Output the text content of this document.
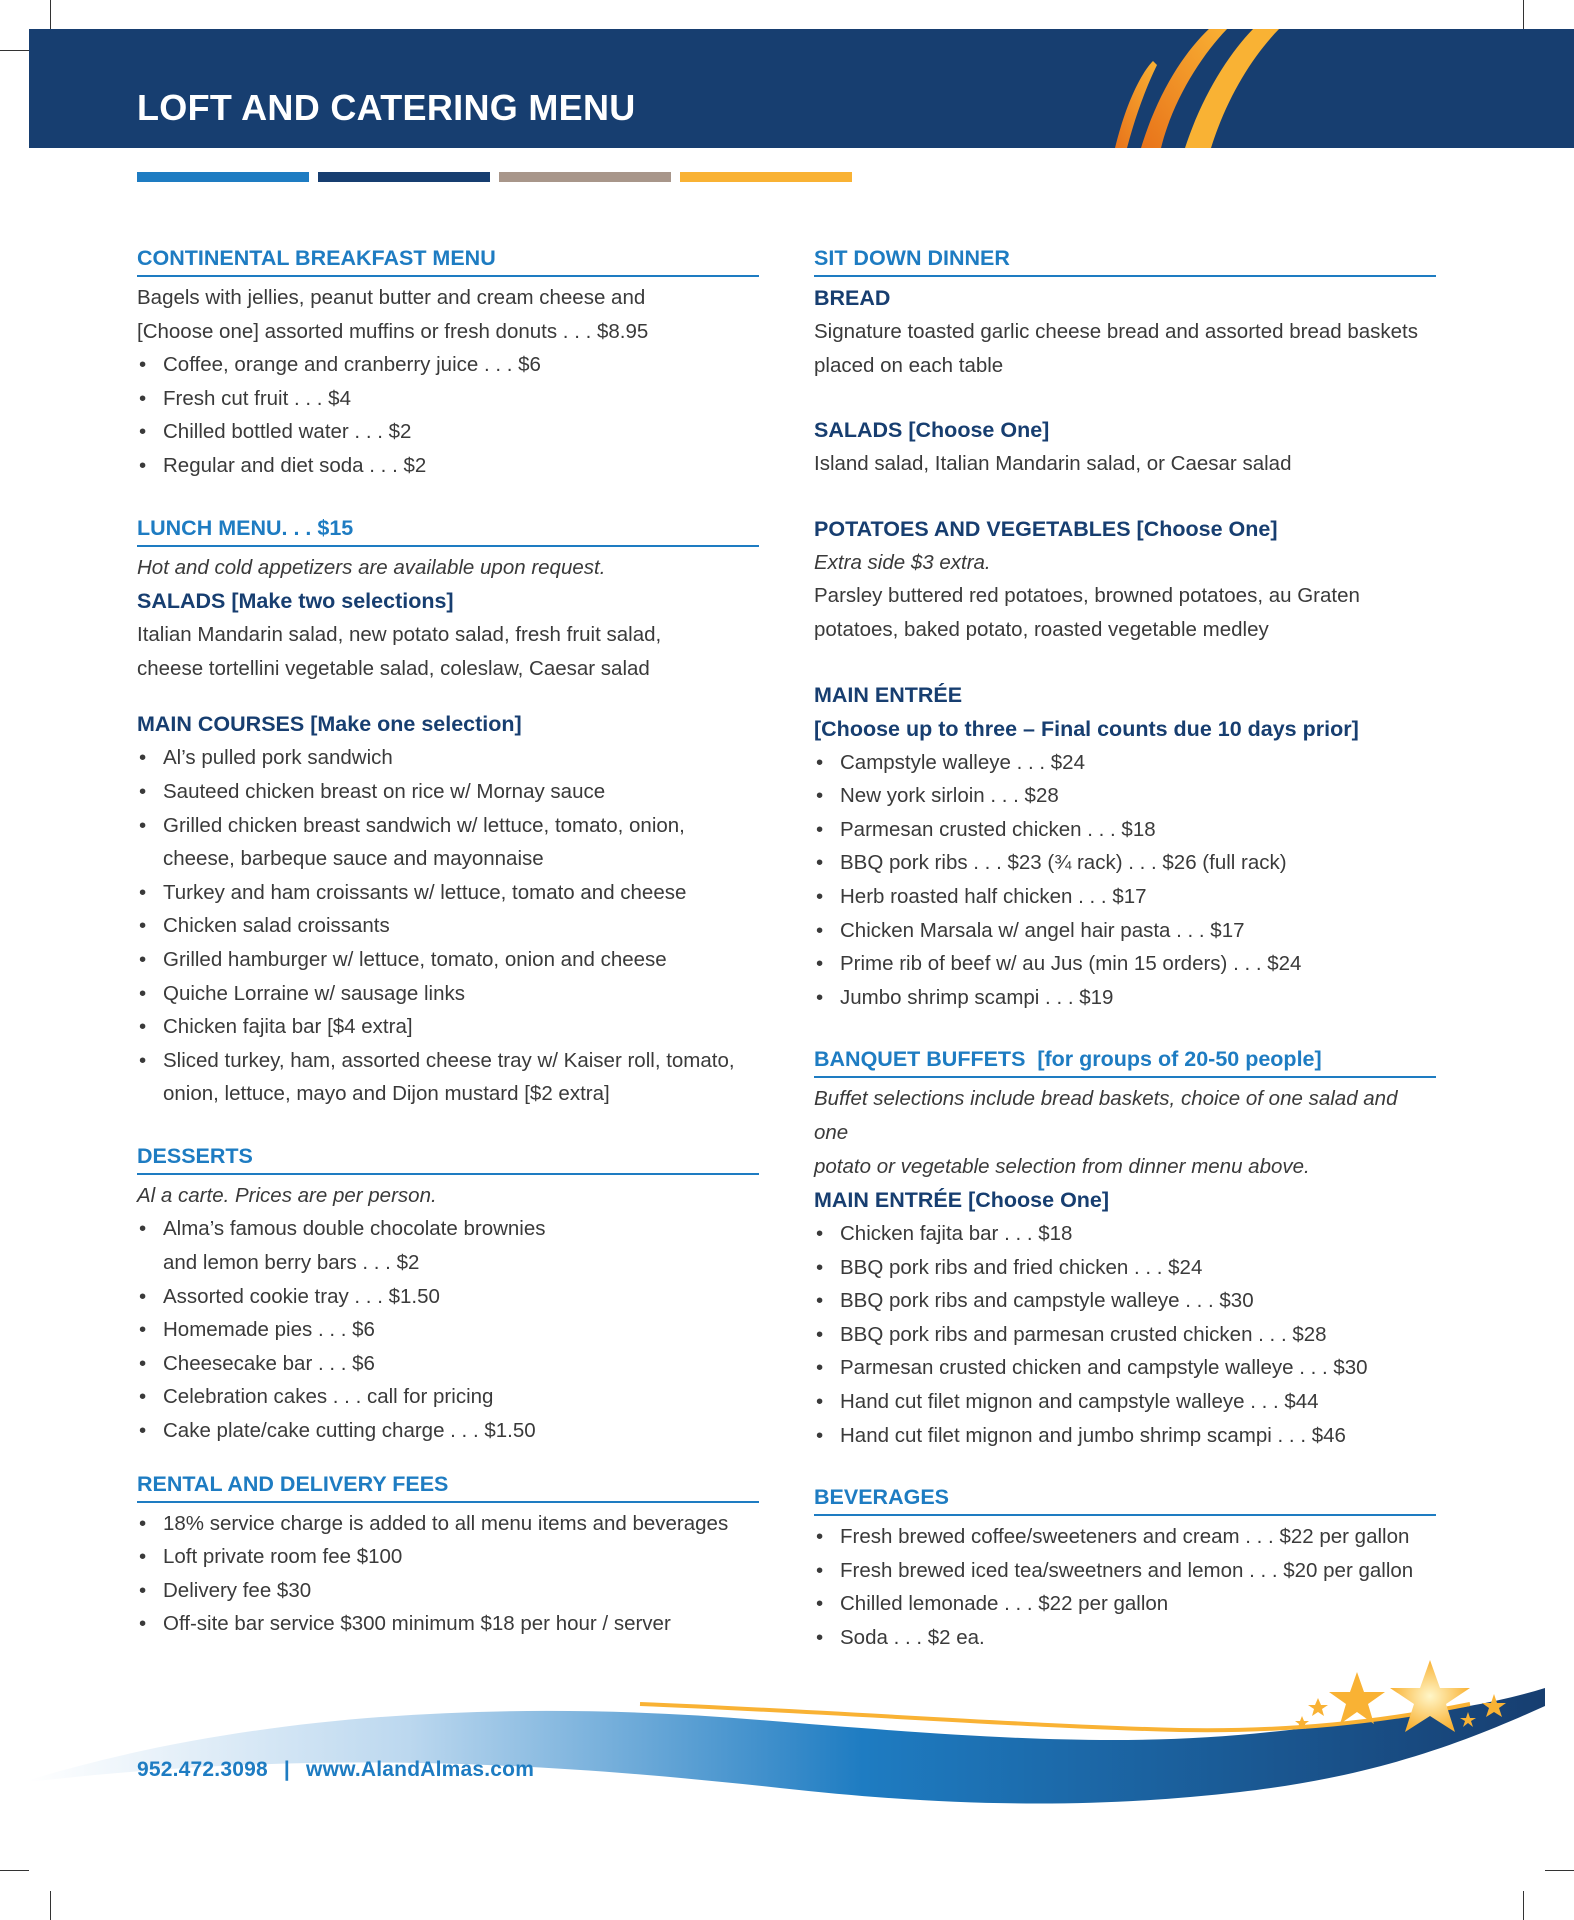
LOFT AND CATERING MENU
CONTINENTAL BREAKFAST MENU
Bagels with jellies, peanut butter and cream cheese and
[Choose one] assorted muffins or fresh donuts . . . $8.95
• Coffee, orange and cranberry juice . . . $6
• Fresh cut fruit . . . $4
• Chilled bottled water . . . $2
• Regular and diet soda . . . $2
LUNCH MENU. . . $15
Hot and cold appetizers are available upon request.
SALADS [Make two selections]
Italian Mandarin salad, new potato salad, fresh fruit salad,
cheese tortellini vegetable salad, coleslaw, Caesar salad
MAIN COURSES [Make one selection]
• Al’s pulled pork sandwich
• Sauteed chicken breast on rice w/ Mornay sauce
• Grilled chicken breast sandwich w/ lettuce, tomato, onion,
cheese, barbeque sauce and mayonnaise
• Turkey and ham croissants w/ lettuce, tomato and cheese
• Chicken salad croissants
• Grilled hamburger w/ lettuce, tomato, onion and cheese
• Quiche Lorraine w/ sausage links
• Chicken fajita bar [$4 extra]
• Sliced turkey, ham, assorted cheese tray w/ Kaiser roll, tomato,
onion, lettuce, mayo and Dijon mustard [$2 extra]
DESSERTS
Al a carte. Prices are per person.
• Alma’s famous double chocolate brownies
and lemon berry bars . . . $2
• Assorted cookie tray . . . $1.50
• Homemade pies . . . $6
• Cheesecake bar . . . $6
• Celebration cakes . . . call for pricing
• Cake plate/cake cutting charge . . . $1.50
RENTAL AND DELIVERY FEES
• 18% service charge is added to all menu items and beverages
• Loft private room fee $100
• Delivery fee $30
• Off-site bar service $300 minimum $18 per hour / server
SIT DOWN DINNER
BREAD
Signature toasted garlic cheese bread and assorted bread baskets
placed on each table
SALADS [Choose One]
Island salad, Italian Mandarin salad, or Caesar salad
POTATOES AND VEGETABLES [Choose One]
Extra side $3 extra.
Parsley buttered red potatoes, browned potatoes, au Graten
potatoes, baked potato, roasted vegetable medley
MAIN ENTRÉE
[Choose up to three – Final counts due 10 days prior]
• Campstyle walleye . . . $24
• New york sirloin . . . $28
• Parmesan crusted chicken . . . $18
• BBQ pork ribs . . . $23 (¾ rack) . . . $26 (full rack)
• Herb roasted half chicken . . . $17
• Chicken Marsala w/ angel hair pasta . . . $17
• Prime rib of beef w/ au Jus (min 15 orders) . . . $24
• Jumbo shrimp scampi . . . $19
BANQUET BUFFETS  [for groups of 20-50 people]
Buffet selections include bread baskets, choice of one salad and one
potato or vegetable selection from dinner menu above.
MAIN ENTRÉE [Choose One]
• Chicken fajita bar . . . $18
• BBQ pork ribs and fried chicken . . . $24
• BBQ pork ribs and campstyle walleye . . . $30
• BBQ pork ribs and parmesan crusted chicken . . . $28
• Parmesan crusted chicken and campstyle walleye . . . $30
• Hand cut filet mignon and campstyle walleye . . . $44
• Hand cut filet mignon and jumbo shrimp scampi . . . $46
BEVERAGES
• Fresh brewed coffee/sweeteners and cream . . . $22 per gallon
• Fresh brewed iced tea/sweetners and lemon . . . $20 per gallon
• Chilled lemonade . . . $22 per gallon
• Soda . . . $2 ea.
952.472.3098 | www.AlandAlmas.com
